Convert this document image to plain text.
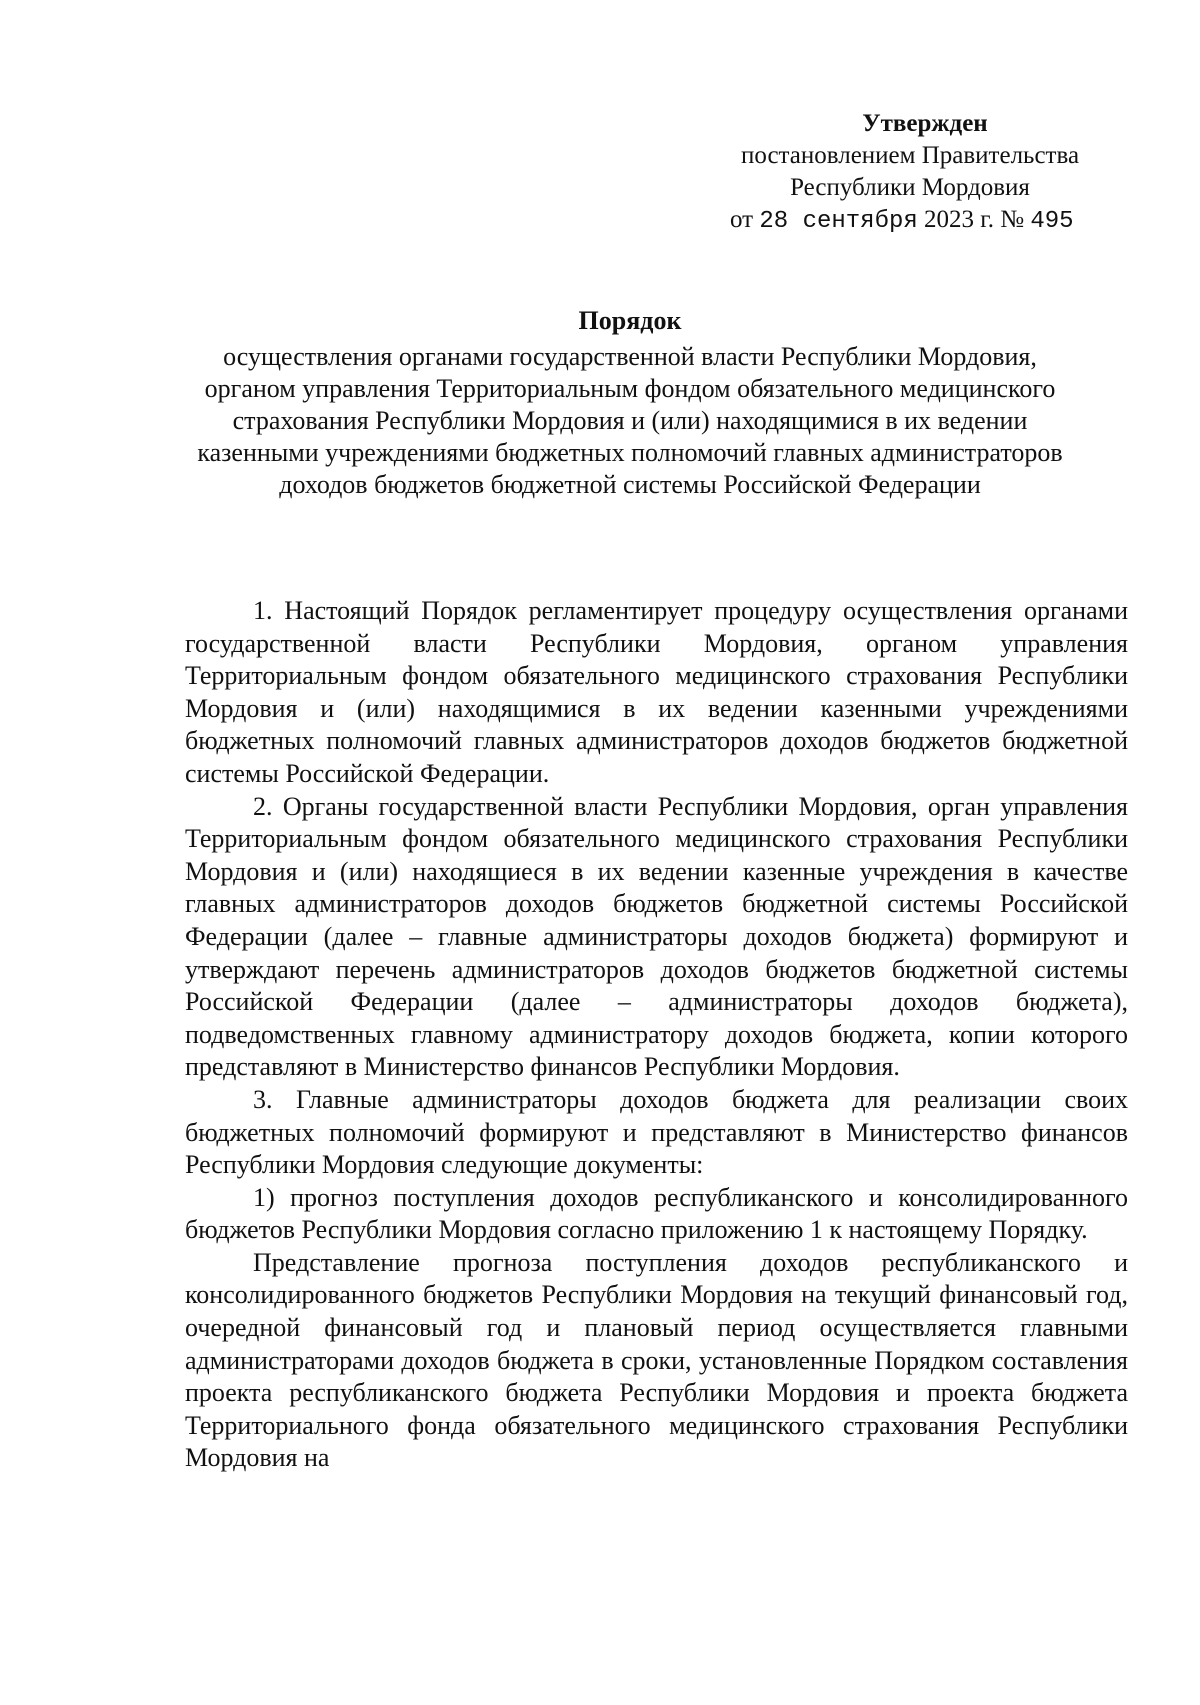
Утвержден
постановлением Правительства
Республики Мордовия
от 28 сентября 2023 г. № 495
Порядок
осуществления органами государственной власти Республики Мордовия, органом управления Территориальным фондом обязательного медицинского страхования Республики Мордовия и (или) находящимися в их ведении казенными учреждениями бюджетных полномочий главных администраторов доходов бюджетов бюджетной системы Российской Федерации

1. Настоящий Порядок регламентирует процедуру осуществления органами государственной власти Республики Мордовия, органом управления Территориальным фондом обязательного медицинского страхования Республики Мордовия и (или) находящимися в их ведении казенными учреждениями бюджетных полномочий главных администраторов доходов бюджетов бюджетной системы Российской Федерации.

2. Органы государственной власти Республики Мордовия, орган управления Территориальным фондом обязательного медицинского страхования Республики Мордовия и (или) находящиеся в их ведении казенные учреждения в качестве главных администраторов доходов бюджетов бюджетной системы Российской Федерации (далее – главные администраторы доходов бюджета) формируют и утверждают перечень администраторов доходов бюджетов бюджетной системы Российской Федерации (далее – администраторы доходов бюджета), подведомственных главному администратору доходов бюджета, копии которого представляют в Министерство финансов Республики Мордовия.

3. Главные администраторы доходов бюджета для реализации своих бюджетных полномочий формируют и представляют в Министерство финансов Республики Мордовия следующие документы:

1) прогноз поступления доходов республиканского и консолидированного бюджетов Республики Мордовия согласно приложению 1 к настоящему Порядку.

Представление прогноза поступления доходов республиканского и консолидированного бюджетов Республики Мордовия на текущий финансовый год, очередной финансовый год и плановый период осуществляется главными администраторами доходов бюджета в сроки, установленные Порядком составления проекта республиканского бюджета Республики Мордовия и проекта бюджета Территориального фонда обязательного медицинского страхования Республики Мордовия на
